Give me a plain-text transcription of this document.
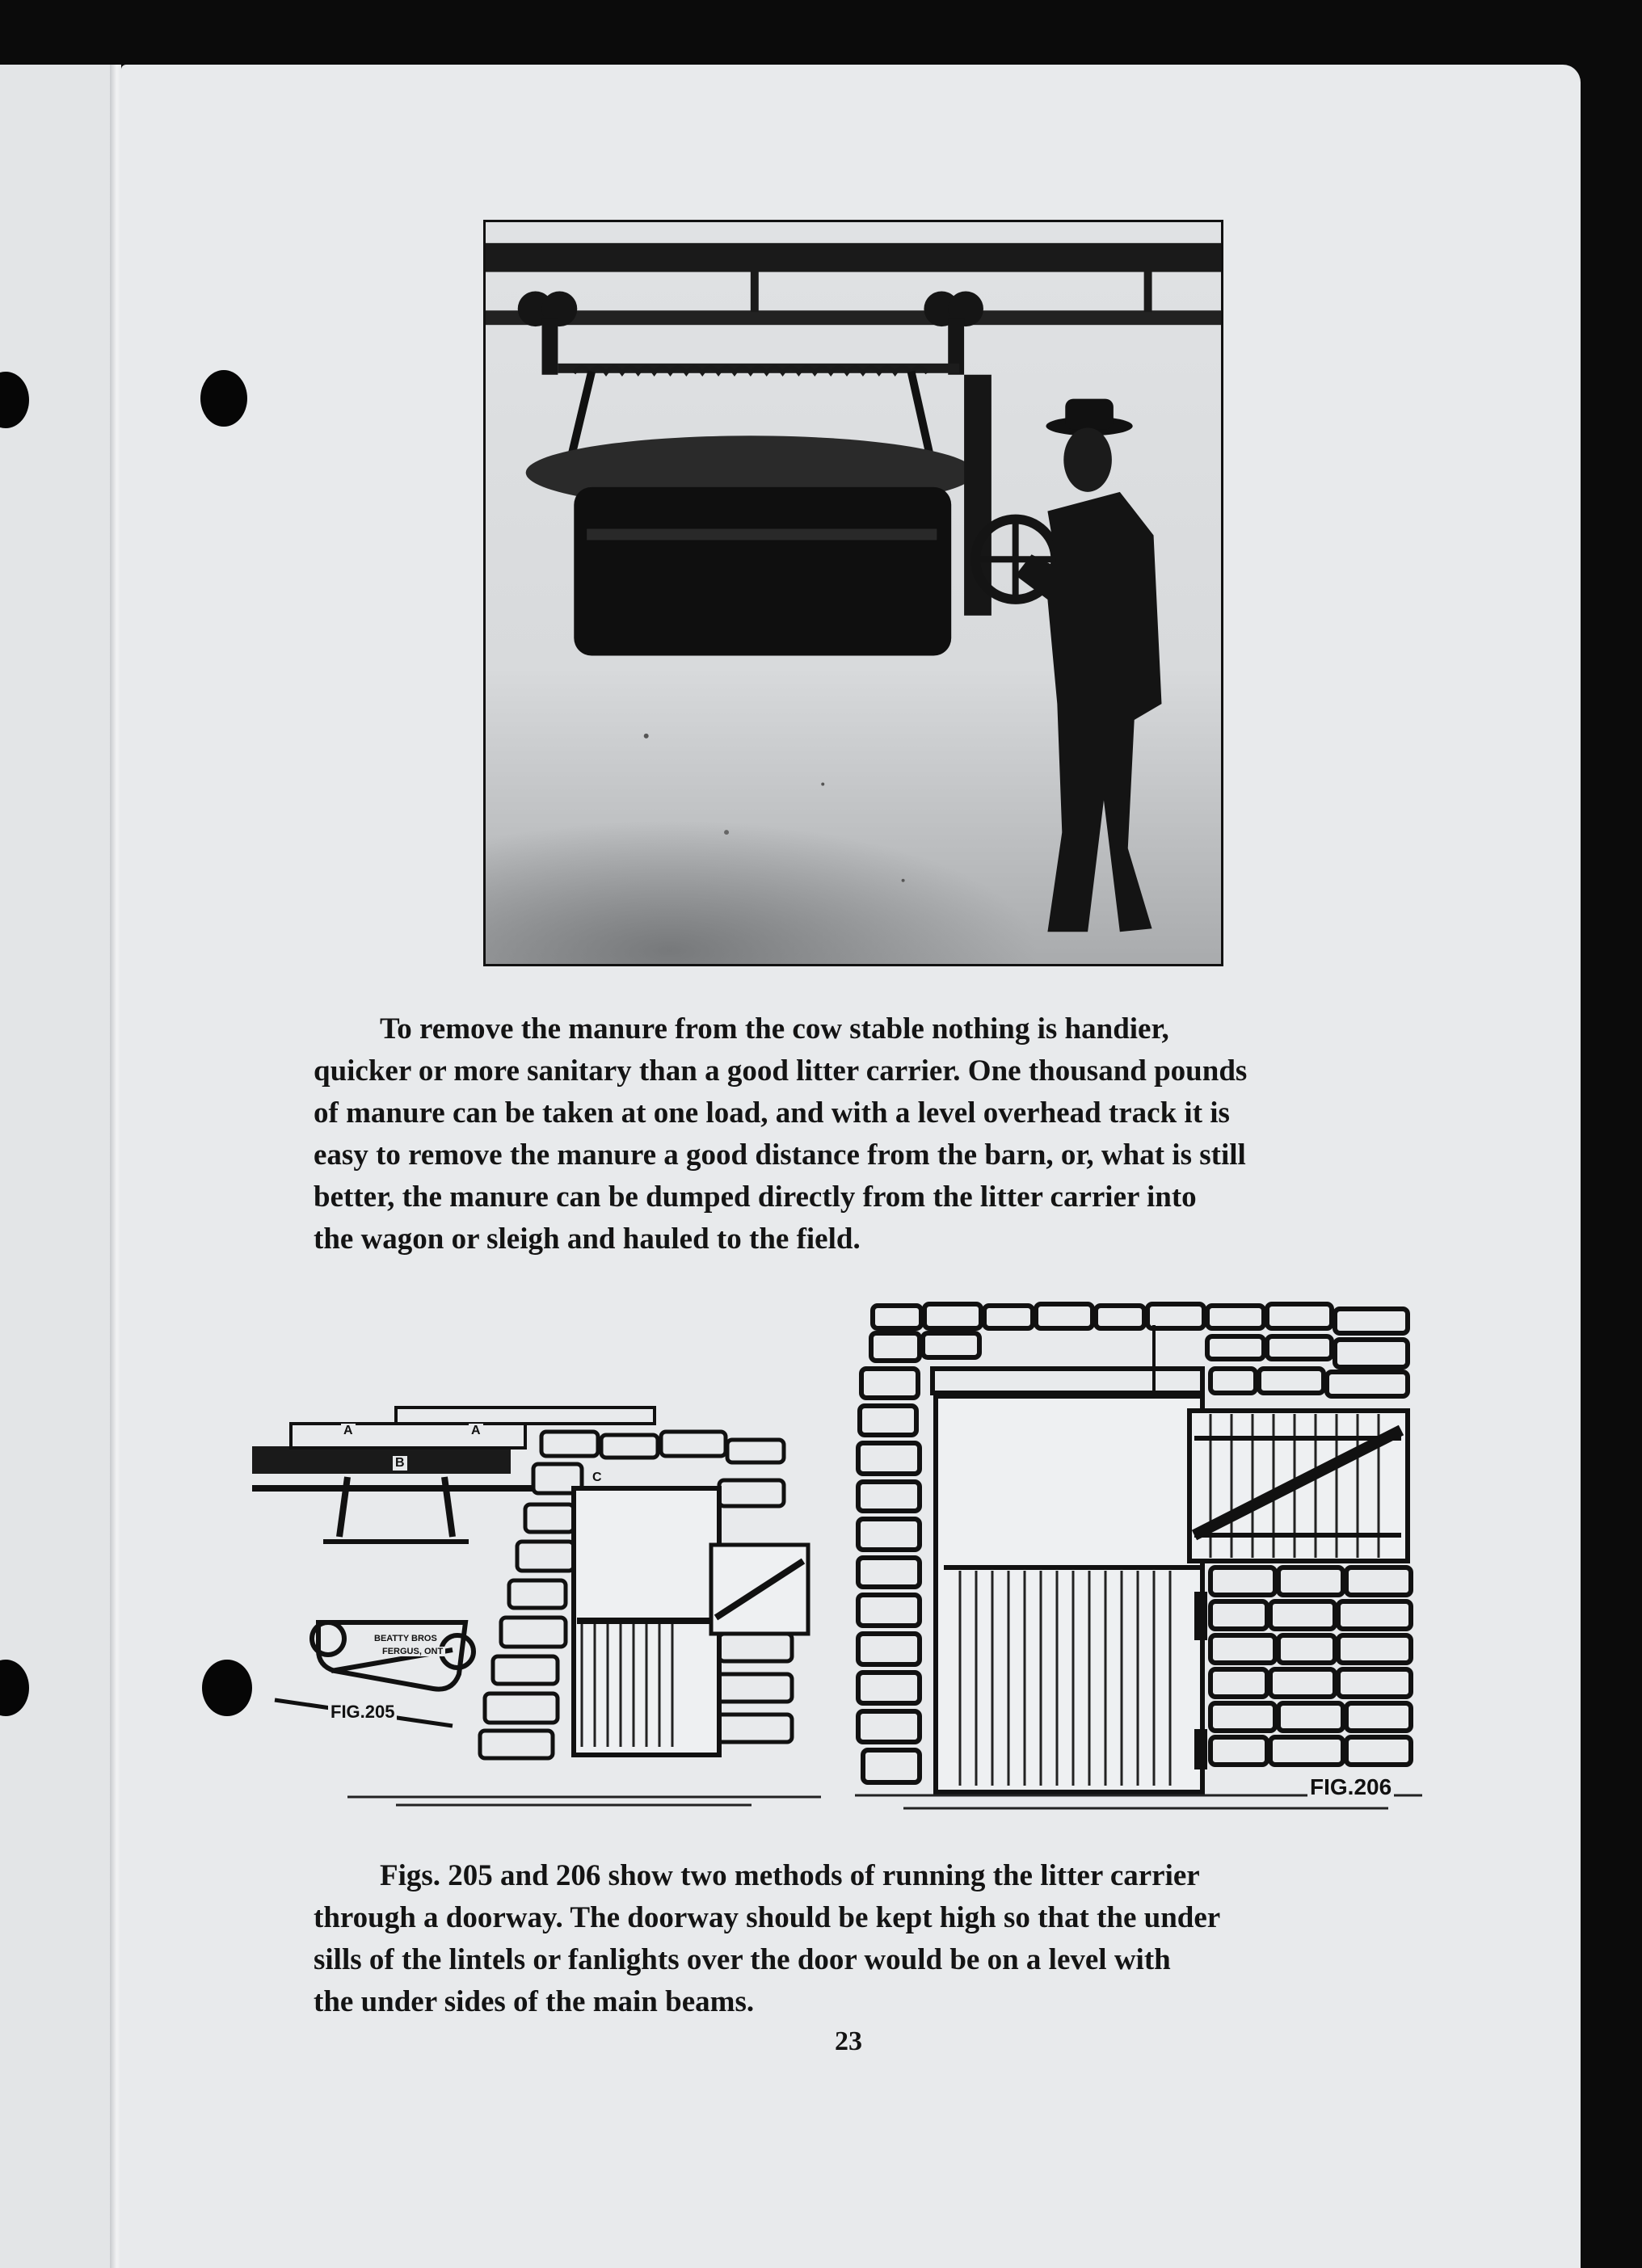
To remove the manure from the cow stable nothing is handier,
quicker or more sanitary than a good litter carrier. One thousand pounds
of manure can be taken at one load, and with a level overhead track it is
easy to remove the manure a good distance from the barn, or, what is still
better, the manure can be dumped directly from the litter carrier into
the wagon or sleigh and hauled to the field.

A	A
B
C
BEATTY BROS
FERGUS, ONT
FIG.205
FIG.206

Figs. 205 and 206 show two methods of running the litter carrier
through a doorway. The doorway should be kept high so that the under
sills of the lintels or fanlights over the door would be on a level with
the under sides of the main beams.

23
